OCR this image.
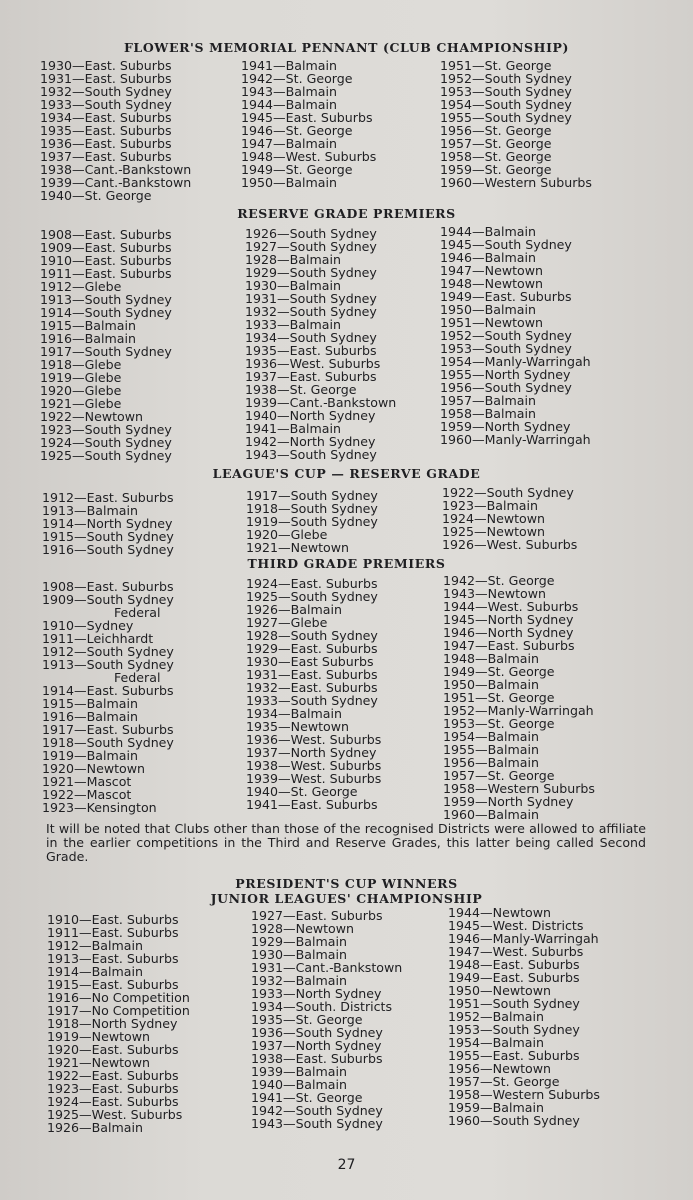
FLOWER'S MEMORIAL PENNANT (CLUB CHAMPIONSHIP)
1930—East. Suburbs
1931—East. Suburbs
1932—South Sydney
1933—South Sydney
1934—East. Suburbs
1935—East. Suburbs
1936—East. Suburbs
1937—East. Suburbs
1938—Cant.-Bankstown
1939—Cant.-Bankstown
1940—St. George
1941—Balmain
1942—St. George
1943—Balmain
1944—Balmain
1945—East. Suburbs
1946—St. George
1947—Balmain
1948—West. Suburbs
1949—St. George
1950—Balmain
1951—St. George
1952—South Sydney
1953—South Sydney
1954—South Sydney
1955—South Sydney
1956—St. George
1957—St. George
1958—St. George
1959—St. George
1960—Western Suburbs
RESERVE GRADE PREMIERS
1908—East. Suburbs
1909—East. Suburbs
1910—East. Suburbs
1911—East. Suburbs
1912—Glebe
1913—South Sydney
1914—South Sydney
1915—Balmain
1916—Balmain
1917—South Sydney
1918—Glebe
1919—Glebe
1920—Glebe
1921—Glebe
1922—Newtown
1923—South Sydney
1924—South Sydney
1925—South Sydney
1926—South Sydney
1927—South Sydney
1928—Balmain
1929—South Sydney
1930—Balmain
1931—South Sydney
1932—South Sydney
1933—Balmain
1934—South Sydney
1935—East. Suburbs
1936—West. Suburbs
1937—East. Suburbs
1938—St. George
1939—Cant.-Bankstown
1940—North Sydney
1941—Balmain
1942—North Sydney
1943—South Sydney
1944—Balmain
1945—South Sydney
1946—Balmain
1947—Newtown
1948—Newtown
1949—East. Suburbs
1950—Balmain
1951—Newtown
1952—South Sydney
1953—South Sydney
1954—Manly-Warringah
1955—North Sydney
1956—South Sydney
1957—Balmain
1958—Balmain
1959—North Sydney
1960—Manly-Warringah
LEAGUE'S CUP — RESERVE GRADE
1912—East. Suburbs
1913—Balmain
1914—North Sydney
1915—South Sydney
1916—South Sydney
1917—South Sydney
1918—South Sydney
1919—South Sydney
1920—Glebe
1921—Newtown
1922—South Sydney
1923—Balmain
1924—Newtown
1925—Newtown
1926—West. Suburbs
THIRD GRADE PREMIERS
1908—East. Suburbs
1909—South Sydney
Federal
1910—Sydney
1911—Leichhardt
1912—South Sydney
1913—South Sydney
Federal
1914—East. Suburbs
1915—Balmain
1916—Balmain
1917—East. Suburbs
1918—South Sydney
1919—Balmain
1920—Newtown
1921—Mascot
1922—Mascot
1923—Kensington
1924—East. Suburbs
1925—South Sydney
1926—Balmain
1927—Glebe
1928—South Sydney
1929—East. Suburbs
1930—East Suburbs
1931—East. Suburbs
1932—East. Suburbs
1933—South Sydney
1934—Balmain
1935—Newtown
1936—West. Suburbs
1937—North Sydney
1938—West. Suburbs
1939—West. Suburbs
1940—St. George
1941—East. Suburbs
1942—St. George
1943—Newtown
1944—West. Suburbs
1945—North Sydney
1946—North Sydney
1947—East. Suburbs
1948—Balmain
1949—St. George
1950—Balmain
1951—St. George
1952—Manly-Warringah
1953—St. George
1954—Balmain
1955—Balmain
1956—Balmain
1957—St. George
1958—Western Suburbs
1959—North Sydney
1960—Balmain
It will be noted that Clubs other than those of the recognised Districts were allowed to affiliate in the earlier competitions in the Third and Reserve Grades, this latter being called Second Grade.
PRESIDENT'S CUP WINNERS
JUNIOR LEAGUES' CHAMPIONSHIP
1910—East. Suburbs
1911—East. Suburbs
1912—Balmain
1913—East. Suburbs
1914—Balmain
1915—East. Suburbs
1916—No Competition
1917—No Competition
1918—North Sydney
1919—Newtown
1920—East. Suburbs
1921—Newtown
1922—East. Suburbs
1923—East. Suburbs
1924—East. Suburbs
1925—West. Suburbs
1926—Balmain
1927—East. Suburbs
1928—Newtown
1929—Balmain
1930—Balmain
1931—Cant.-Bankstown
1932—Balmain
1933—North Sydney
1934—South. Districts
1935—St. George
1936—South Sydney
1937—North Sydney
1938—East. Suburbs
1939—Balmain
1940—Balmain
1941—St. George
1942—South Sydney
1943—South Sydney
1944—Newtown
1945—West. Districts
1946—Manly-Warringah
1947—West. Suburbs
1948—East. Suburbs
1949—East. Suburbs
1950—Newtown
1951—South Sydney
1952—Balmain
1953—South Sydney
1954—Balmain
1955—East. Suburbs
1956—Newtown
1957—St. George
1958—Western Suburbs
1959—Balmain
1960—South Sydney
27
